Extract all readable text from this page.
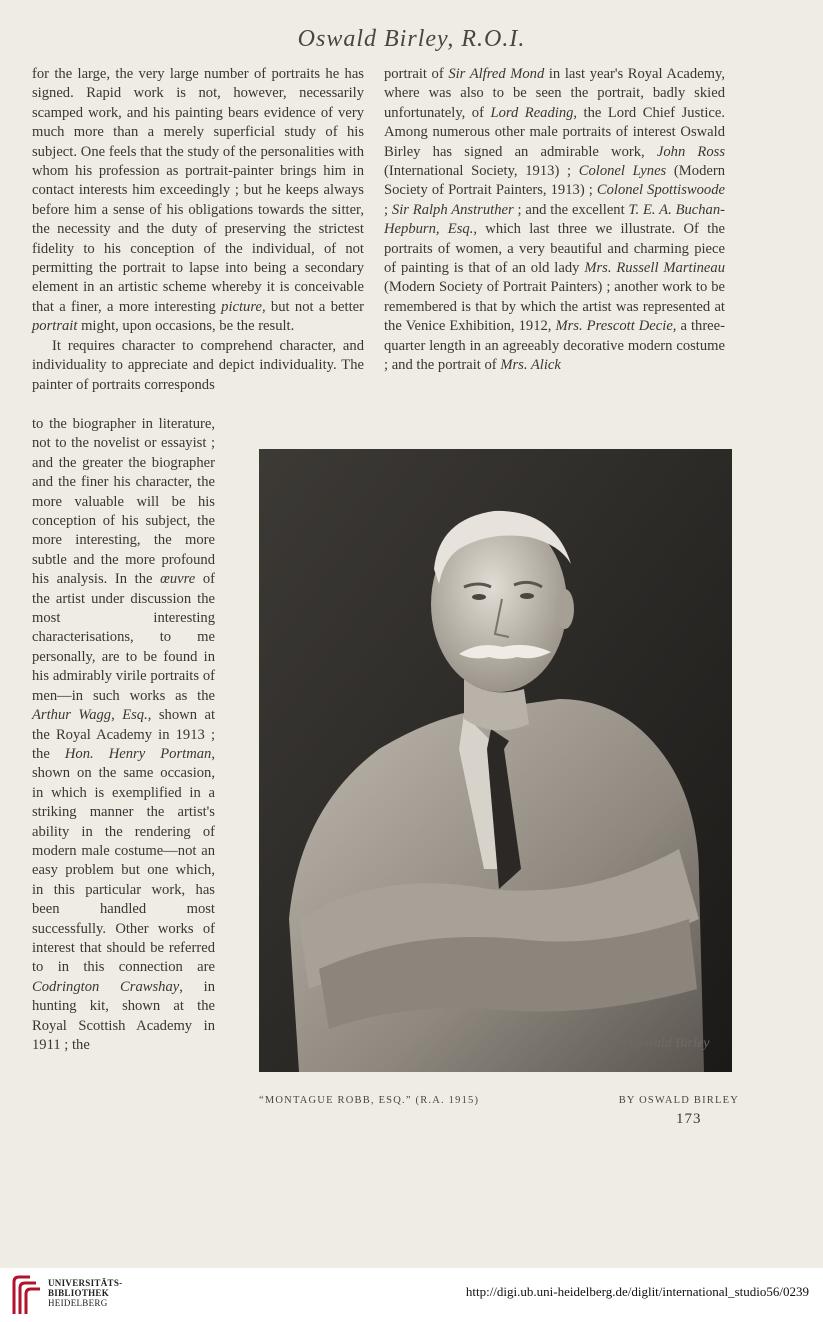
Oswald Birley, R.O.I.

for the large, the very large number of portraits he has signed. Rapid work is not, however, necessarily scamped work, and his painting bears evidence of very much more than a merely superficial study of his subject. One feels that the study of the personalities with whom his profession as portrait-painter brings him in contact interests him exceedingly ; but he keeps always before him a sense of his obligations towards the sitter, the necessity and the duty of preserving the strictest fidelity to his conception of the individual, of not permitting the portrait to lapse into being a secondary element in an artistic scheme whereby it is conceivable that a finer, a more interesting picture, but not a better portrait might, upon occasions, be the result.

It requires character to comprehend character, and individuality to appreciate and depict individuality. The painter of portraits corresponds

to the biographer in literature, not to the novelist or essayist ; and the greater the biographer and the finer his character, the more valuable will be his conception of his subject, the more interesting, the more subtle and the more profound his analysis. In the œuvre of the artist under discussion the most interesting characterisations, to me personally, are to be found in his admirably virile portraits of men—in such works as the Arthur Wagg, Esq., shown at the Royal Academy in 1913 ; the Hon. Henry Portman, shown on the same occasion, in which is exemplified in a striking manner the artist's ability in the rendering of modern male costume—not an easy problem but one which, in this particular work, has been handled most successfully. Other works of interest that should be referred to in this connection are Codrington Crawshay, in hunting kit, shown at the Royal Scottish Academy in 1911 ; the
portrait of Sir Alfred Mond in last year's Royal Academy, where was also to be seen the portrait, badly skied unfortunately, of Lord Reading, the Lord Chief Justice. Among numerous other male portraits of interest Oswald Birley has signed an admirable work, John Ross (International Society, 1913) ; Colonel Lynes (Modern Society of Portrait Painters, 1913) ; Colonel Spottiswoode ; Sir Ralph Anstruther ; and the excellent T. E. A. Buchan-Hepburn, Esq., which last three we illustrate. Of the portraits of women, a very beautiful and charming piece of painting is that of an old lady Mrs. Russell Martineau (Modern Society of Portrait Painters) ; another work to be remembered is that by which the artist was represented at the Venice Exhibition, 1912, Mrs. Prescott Decie, a three-quarter length in an agreeably decorative modern costume ; and the portrait of Mrs. Alick
Oswald Birley
“MONTAGUE ROBB, ESQ.” (R.A. 1915)	BY OSWALD BIRLEY
173
UNIVERSITÄTS-
BIBLIOTHEK
HEIDELBERG
http://digi.ub.uni-heidelberg.de/diglit/international_studio56/0239
